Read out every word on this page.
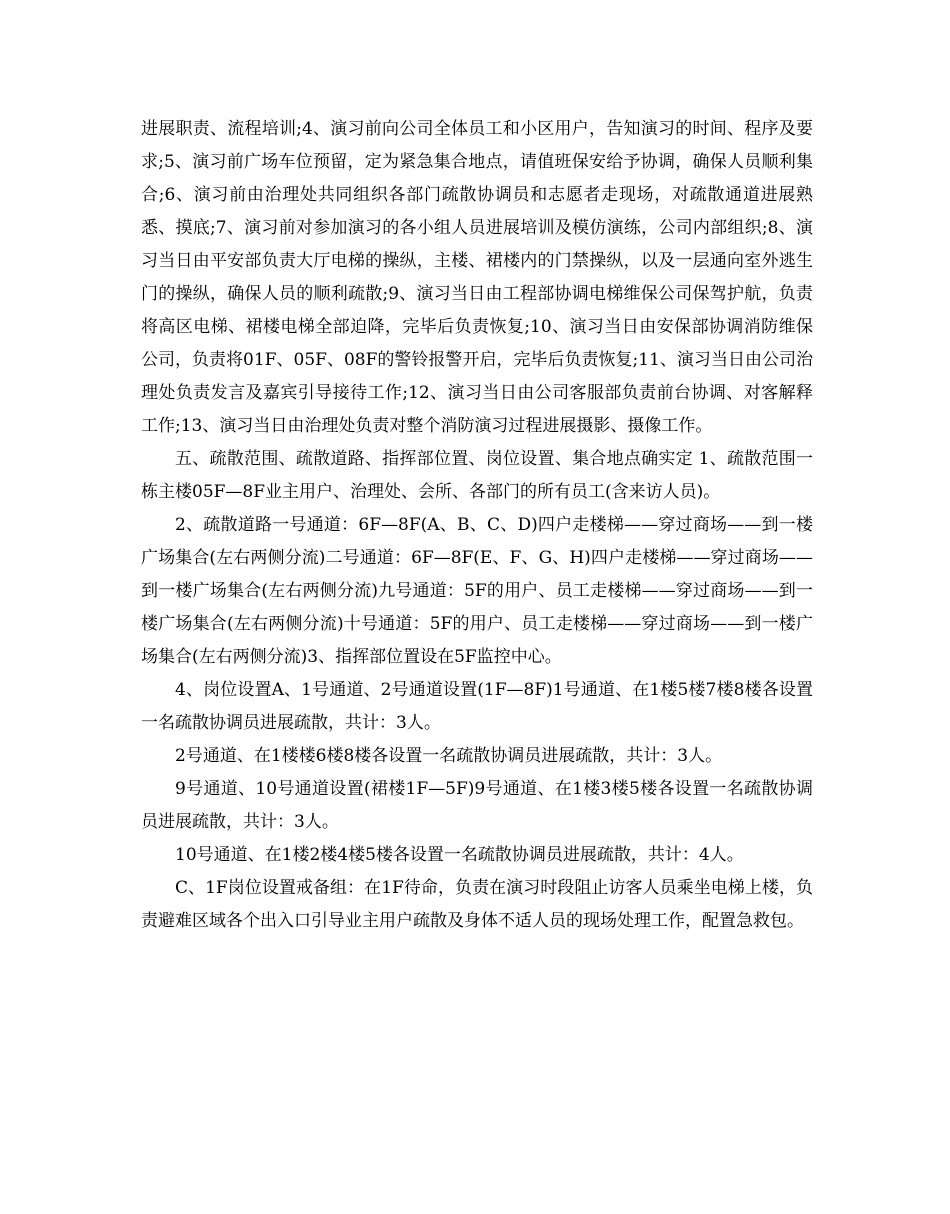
进展职责、流程培训;4、演习前向公司全体员工和小区用户，告知演习的时间、程序及要求;5、演习前广场车位预留，定为紧急集合地点，请值班保安给予协调，确保人员顺利集合;6、演习前由治理处共同组织各部门疏散协调员和志愿者走现场，对疏散通道进展熟悉、摸底;7、演习前对参加演习的各小组人员进展培训及模仿演练，公司内部组织;8、演习当日由平安部负责大厅电梯的操纵，主楼、裙楼内的门禁操纵，以及一层通向室外逃生门的操纵，确保人员的顺利疏散;9、演习当日由工程部协调电梯维保公司保驾护航，负责将高区电梯、裙楼电梯全部迫降，完毕后负责恢复;10、演习当日由安保部协调消防维保公司，负责将01F、05F、08F的警铃报警开启，完毕后负责恢复;11、演习当日由公司治理处负责发言及嘉宾引导接待工作;12、演习当日由公司客服部负责前台协调、对客解释工作;13、演习当日由治理处负责对整个消防演习过程进展摄影、摄像工作。

五、疏散范围、疏散道路、指挥部位置、岗位设置、集合地点确实定 1、疏散范围一栋主楼05F—8F业主用户、治理处、会所、各部门的所有员工(含来访人员)。

2、疏散道路一号通道：6F—8F(A、B、C、D)四户走楼梯——穿过商场——到一楼广场集合(左右两侧分流)二号通道：6F—8F(E、F、G、H)四户走楼梯——穿过商场——到一楼广场集合(左右两侧分流)九号通道：5F的用户、员工走楼梯——穿过商场——到一楼广场集合(左右两侧分流)十号通道：5F的用户、员工走楼梯——穿过商场——到一楼广场集合(左右两侧分流)3、指挥部位置设在5F监控中心。

4、岗位设置A、1号通道、2号通道设置(1F—8F)1号通道、在1楼5楼7楼8楼各设置一名疏散协调员进展疏散，共计：3人。

2号通道、在1楼楼6楼8楼各设置一名疏散协调员进展疏散，共计：3人。

9号通道、10号通道设置(裙楼1F—5F)9号通道、在1楼3楼5楼各设置一名疏散协调员进展疏散，共计：3人。

10号通道、在1楼2楼4楼5楼各设置一名疏散协调员进展疏散，共计：4人。

C、1F岗位设置戒备组：在1F待命，负责在演习时段阻止访客人员乘坐电梯上楼，负责避难区域各个出入口引导业主用户疏散及身体不适人员的现场处理工作，配置急救包。
